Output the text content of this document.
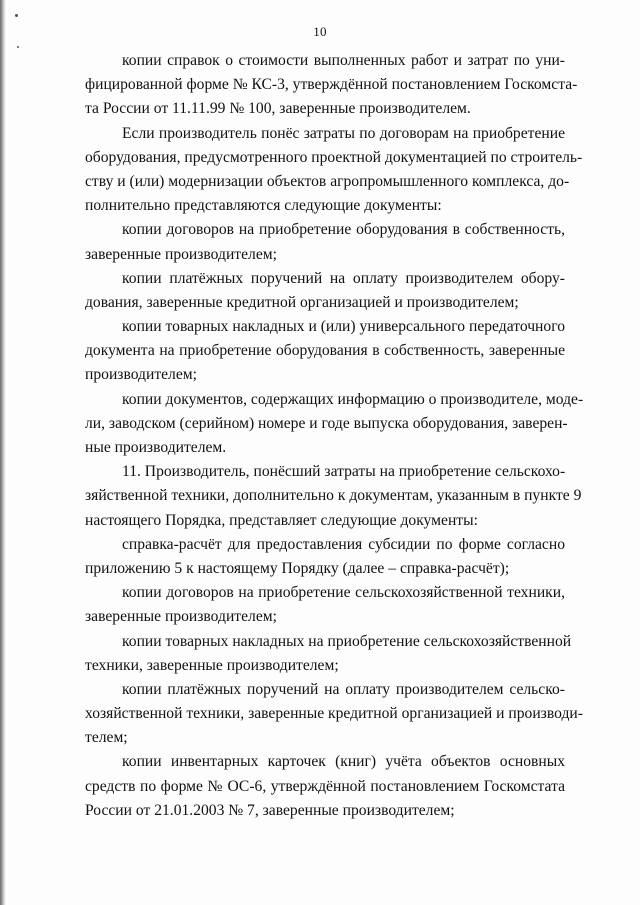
10
копии справок о стоимости выполненных работ и затрат по уни-
фицированной форме № КС-3, утверждённой постановлением Госкомста-
та России от 11.11.99 № 100, заверенные производителем.
Если производитель понёс затраты по договорам на приобретение
оборудования, предусмотренного проектной документацией по строитель-
ству и (или) модернизации объектов агропромышленного комплекса, до-
полнительно представляются следующие документы:
копии договоров на приобретение оборудования в собственность,
заверенные производителем;
копии платёжных поручений на оплату производителем обору-
дования, заверенные кредитной организацией и производителем;
копии товарных накладных и (или) универсального передаточного
документа на приобретение оборудования в собственность, заверенные
производителем;
копии документов, содержащих информацию о производителе, моде-
ли, заводском (серийном) номере и годе выпуска оборудования, заверен-
ные производителем.
11. Производитель, понёсший затраты на приобретение сельскохо-
зяйственной техники, дополнительно к документам, указанным в пункте 9
настоящего Порядка, представляет следующие документы:
справка-расчёт для предоставления субсидии по форме согласно
приложению 5 к настоящему Порядку (далее – справка-расчёт);
копии договоров на приобретение сельскохозяйственной техники,
заверенные производителем;
копии товарных накладных на приобретение сельскохозяйственной
техники, заверенные производителем;
копии платёжных поручений на оплату производителем сельско-
хозяйственной техники, заверенные кредитной организацией и производи-
телем;
копии инвентарных карточек (книг) учёта объектов основных
средств по форме № ОС-6, утверждённой постановлением Госкомстата
России от 21.01.2003 № 7, заверенные производителем;
